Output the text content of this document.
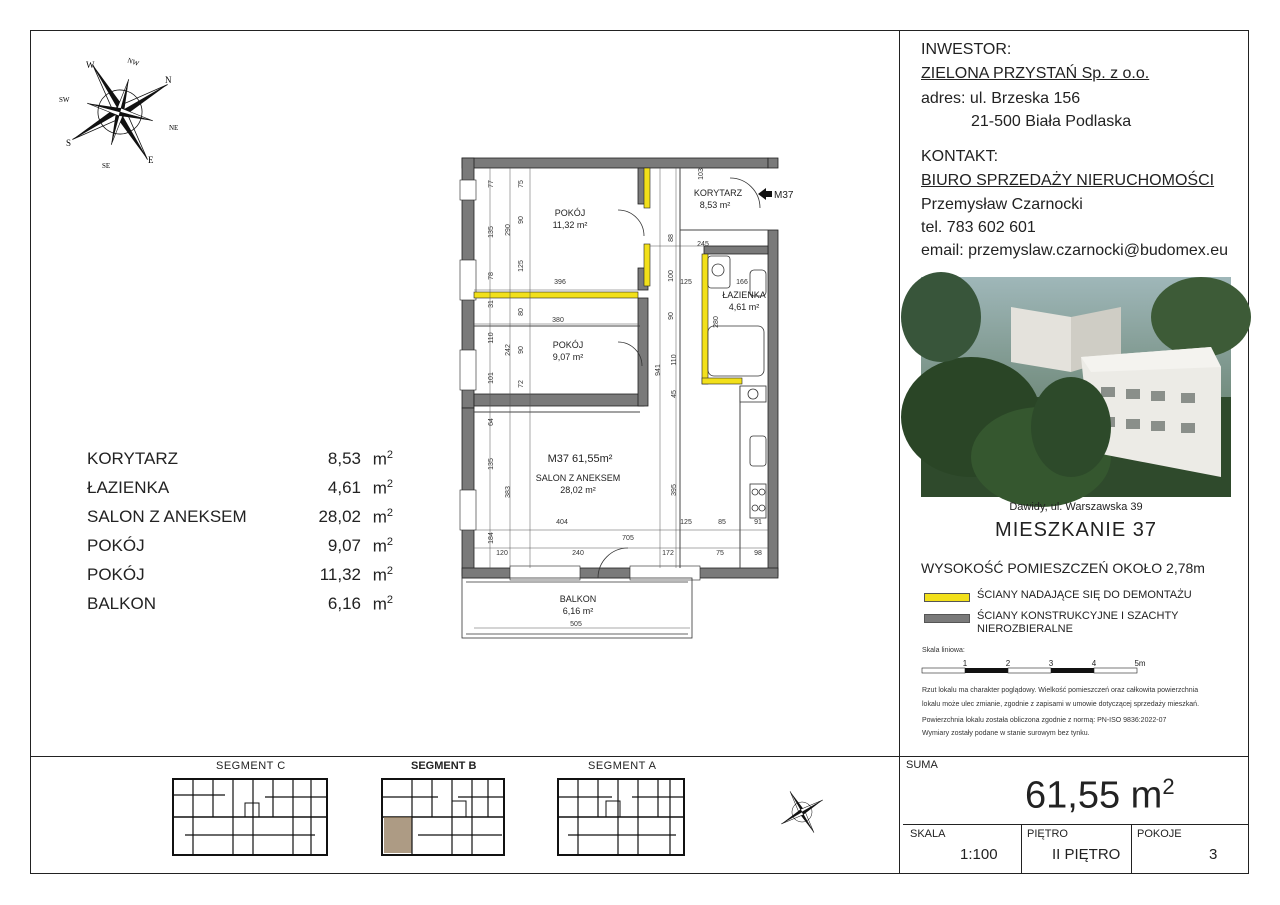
W	NW
N
NE
E
SE
S
SW
KORYTARZ	8,53 $m^2$
ŁAZIENKA	4,61 $m^2$
SALON Z ANEKSEM	28,02 $m^2$
POKÓJ	9,07 $m^2$
POKÓJ	11,32 $m^2$
BALKON	6,16 $m^2$
POKÓJ
11,32 m²
KORYTARZ
8,53 m²
ŁAZIENKA
4,61 m²
POKÓJ
9,07 m²
M37 61,55m²
SALON Z ANEKSEM
28,02 m²
BALKON
6,16 m²
M37
77	75
103
135 290
90
88
245
78
125
396
100
125	166
31
80
380
90
280
110
242 90
941
110
101
72
45
64
135
383	395
404	125	85	91
184	705
120	240	172	75	98
505
INWESTOR:
ZIELONA PRZYSTAŃ Sp. z o.o.
adres: ul. Brzeska 156
21-500 Biała Podlaska
KONTAKT:
BIURO SPRZEDAŻY NIERUCHOMOŚCI
Przemysław Czarnocki
tel. 783 602 601
email: przemyslaw.czarnocki@budomex.eu
Dawidy, ul. Warszawska 39
MIESZKANIE 37
WYSOKOŚĆ POMIESZCZEŃ OKOŁO 2,78m
ŚCIANY NADAJĄCE SIĘ DO DEMONTAŻU
ŚCIANY KONSTRUKCYJNE I SZACHTY
NIEROZBIERALNE
Skala liniowa:
1	2	3	4	5m
Rzut lokalu ma charakter poglądowy. Wielkość pomieszczeń oraz całkowita powierzchnia
lokalu może ulec zmianie, zgodnie z zapisami w umowie dotyczącej sprzedaży mieszkań.
Powierzchnia lokalu została obliczona zgodnie z normą: PN-ISO 9836:2022-07
Wymiary zostały podane w stanie surowym bez tynku.
SEGMENT C	SEGMENT B	SEGMENT A	SUMA
61,55 $m^2$
SKALA
1:100
PIĘTRO
II PIĘTRO
POKOJE
3
